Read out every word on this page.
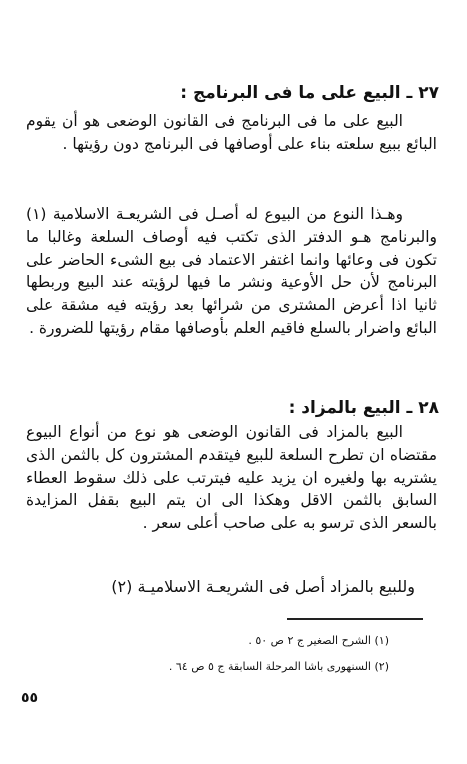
٢٧ ـ البيع على ما فى البرنامج :

البيع على ما فى البرنامج فى القانون الوضعى هو أن يقوم البائع ببيع سلعته بناء على أوصافها فى البرنامج دون رؤيتها .

وهـذا النوع من البيوع له أصـل فى الشريعـة الاسلامية (١) والبرنامج هـو الدفتر الذى تكتب فيه أوصاف السلعة وغالبا ما تكون فى وعائها وانما اغتفر الاعتماد فى بيع الشىء الحاضر على البرنامج لأن حل الأوعية ونشر ما فيها لرؤيته عند البيع وربطها ثانيا اذا أعرض المشترى من شرائها بعد رؤيته فيه مشقة على البائع واضرار بالسلع فاقيم العلم بأوصافها مقام رؤيتها للضرورة .

٢٨ ـ البيع بالمزاد :

البيع بالمزاد فى القانون الوضعى هو نوع من أنواع البيوع مقتضاه ان تطرح السلعة للبيع فيتقدم المشترون كل بالثمن الذى يشتريه بها ولغيره ان يزيد عليه فيترتب على ذلك سقوط العطاء السابق بالثمن الاقل وهكذا الى ان يتم البيع بقفل المزايدة بالسعر الذى ترسو به على صاحب أعلى سعر .

وللبيع بالمزاد أصل فى الشريعـة الاسلاميـة (٢)

(١) الشرح الصغير ج ٢ ص ٥٠ .

(٢) السنهورى باشا المرحلة السابقة ج ٥ ص ٦٤ .

٥٥
